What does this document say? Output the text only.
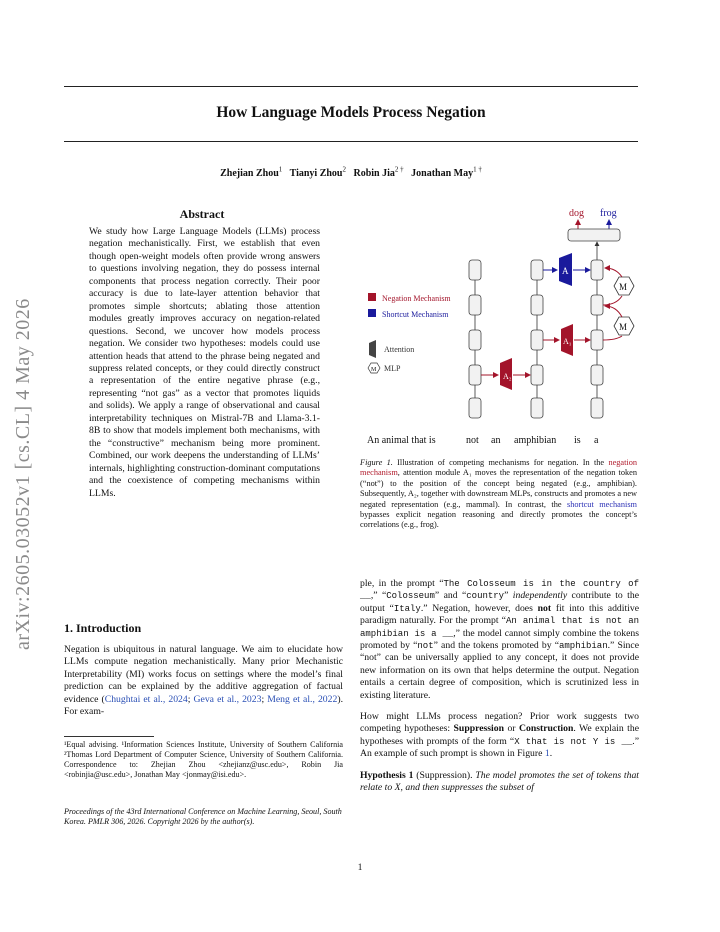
How Language Models Process Negation
Zhejian Zhou$^1$ Tianyi Zhou$^2$ Robin Jia$^{2 \dagger}$ Jonathan May$^{1 \dagger}$
arXiv:2605.03052v1 [cs.CL] 4 May 2026
Abstract
We study how Large Language Models (LLMs) process negation mechanistically. First, we establish that even though open-weight models often provide wrong answers to questions involving negation, they do possess internal components that process negation correctly. Their poor accuracy is due to late-layer attention behavior that promotes simple shortcuts; ablating those attention modules greatly improves accuracy on negation-related questions. Second, we uncover how models process negation. We consider two hypotheses: models could use attention heads that attend to the phrase being negated and suppress related concepts, or they could directly construct a representation of the entire negative phrase (e.g., representing “not gas” as a vector that promotes liquids and solids). We apply a range of observational and causal interpretability techniques on Mistral-7B and Llama-3.1-8B to show that models implement both mechanisms, with the “constructive” mechanism being more prominent. Combined, our work deepens the understanding of LLMs’ internals, highlighting construction-dominant computations and the coexistence of competing mechanisms within LLMs.
1. Introduction
Negation is ubiquitous in natural language. We aim to elucidate how LLMs compute negation mechanistically. Many prior Mechanistic Interpretability (MI) works focus on settings where the model’s final prediction can be explained by the additive aggregation of factual evidence (Chughtai et al., 2024; Geva et al., 2023; Meng et al., 2022). For exam-
¹Equal advising. ¹Information Sciences Institute, University of Southern California ²Thomas Lord Department of Computer Science, University of Southern California. Correspondence to: Zhejian Zhou <zhejianz@usc.edu>, Robin Jia <robinjia@usc.edu>, Jonathan May <jonmay@isi.edu>.
Proceedings of the 43rd International Conference on Machine Learning, Seoul, South Korea. PMLR 306, 2026. Copyright 2026 by the author(s).
dog frog
A₂
A₁
A
M
M
Negation Mechanism
Shortcut Mechanism
Attention
M MLP
An animal that is	not an amphibian is a
Figure 1. Illustration of competing mechanisms for negation. In the negation mechanism, attention module A₁ moves the representation of the negation token (“not”) to the position of the concept being negated (e.g., amphibian). Subsequently, A₂, together with downstream MLPs, constructs and promotes a new negated representation (e.g., mammal). In contrast, the shortcut mechanism bypasses explicit negation reasoning and directly promotes the concept’s correlations (e.g., frog).

ple, in the prompt “The Colosseum is in the country of __,” “Colosseum” and “country” independently contribute to the output “Italy.” Negation, however, does not fit into this additive paradigm naturally. For the prompt “An animal that is not an amphibian is a __,” the model cannot simply combine the tokens promoted by “not” and the tokens promoted by “amphibian.” Since “not” can be universally applied to any concept, it does not provide new information on its own that helps determine the output. Negation entails a certain degree of composition, which is scrutinized less in existing literature.

How might LLMs process negation? Prior work suggests two competing hypotheses: Suppression or Construction. We explain the hypotheses with prompts of the form “X that is not Y is __.” An example of such prompt is shown in Figure 1.

Hypothesis 1 (Suppression). The model promotes the set of tokens that relate to X, and then suppresses the subset of

1
